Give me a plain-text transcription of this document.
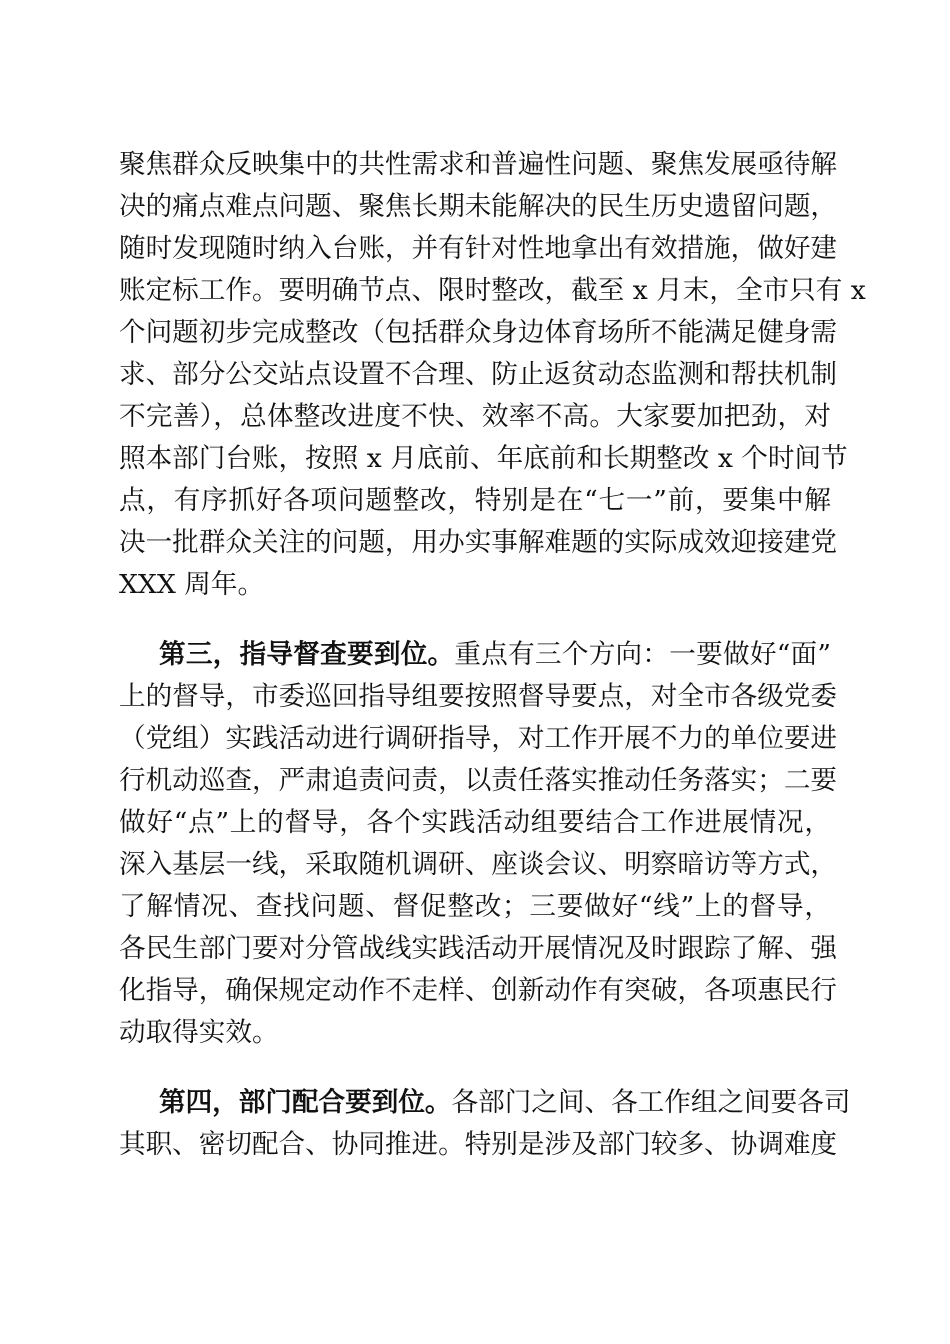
聚焦群众反映集中的共性需求和普遍性问题、聚焦发展亟待解
决的痛点难点问题、聚焦长期未能解决的民生历史遗留问题，
随时发现随时纳入台账，并有针对性地拿出有效措施，做好建
账定标工作。要明确节点、限时整改，截至 x 月末，全市只有 x
个问题初步完成整改（包括群众身边体育场所不能满足健身需
求、部分公交站点设置不合理、防止返贫动态监测和帮扶机制
不完善），总体整改进度不快、效率不高。大家要加把劲，对
照本部门台账，按照 x 月底前、年底前和长期整改 x 个时间节
点，有序抓好各项问题整改，特别是在“七一”前，要集中解
决一批群众关注的问题，用办实事解难题的实际成效迎接建党
XXX 周年。
第三，指导督查要到位。重点有三个方向：一要做好“面”
上的督导，市委巡回指导组要按照督导要点，对全市各级党委
（党组）实践活动进行调研指导，对工作开展不力的单位要进
行机动巡查，严肃追责问责，以责任落实推动任务落实；二要
做好“点”上的督导，各个实践活动组要结合工作进展情况，
深入基层一线，采取随机调研、座谈会议、明察暗访等方式，
了解情况、查找问题、督促整改；三要做好“线”上的督导，
各民生部门要对分管战线实践活动开展情况及时跟踪了解、强
化指导，确保规定动作不走样、创新动作有突破，各项惠民行
动取得实效。
第四，部门配合要到位。各部门之间、各工作组之间要各司
其职、密切配合、协同推进。特别是涉及部门较多、协调难度
